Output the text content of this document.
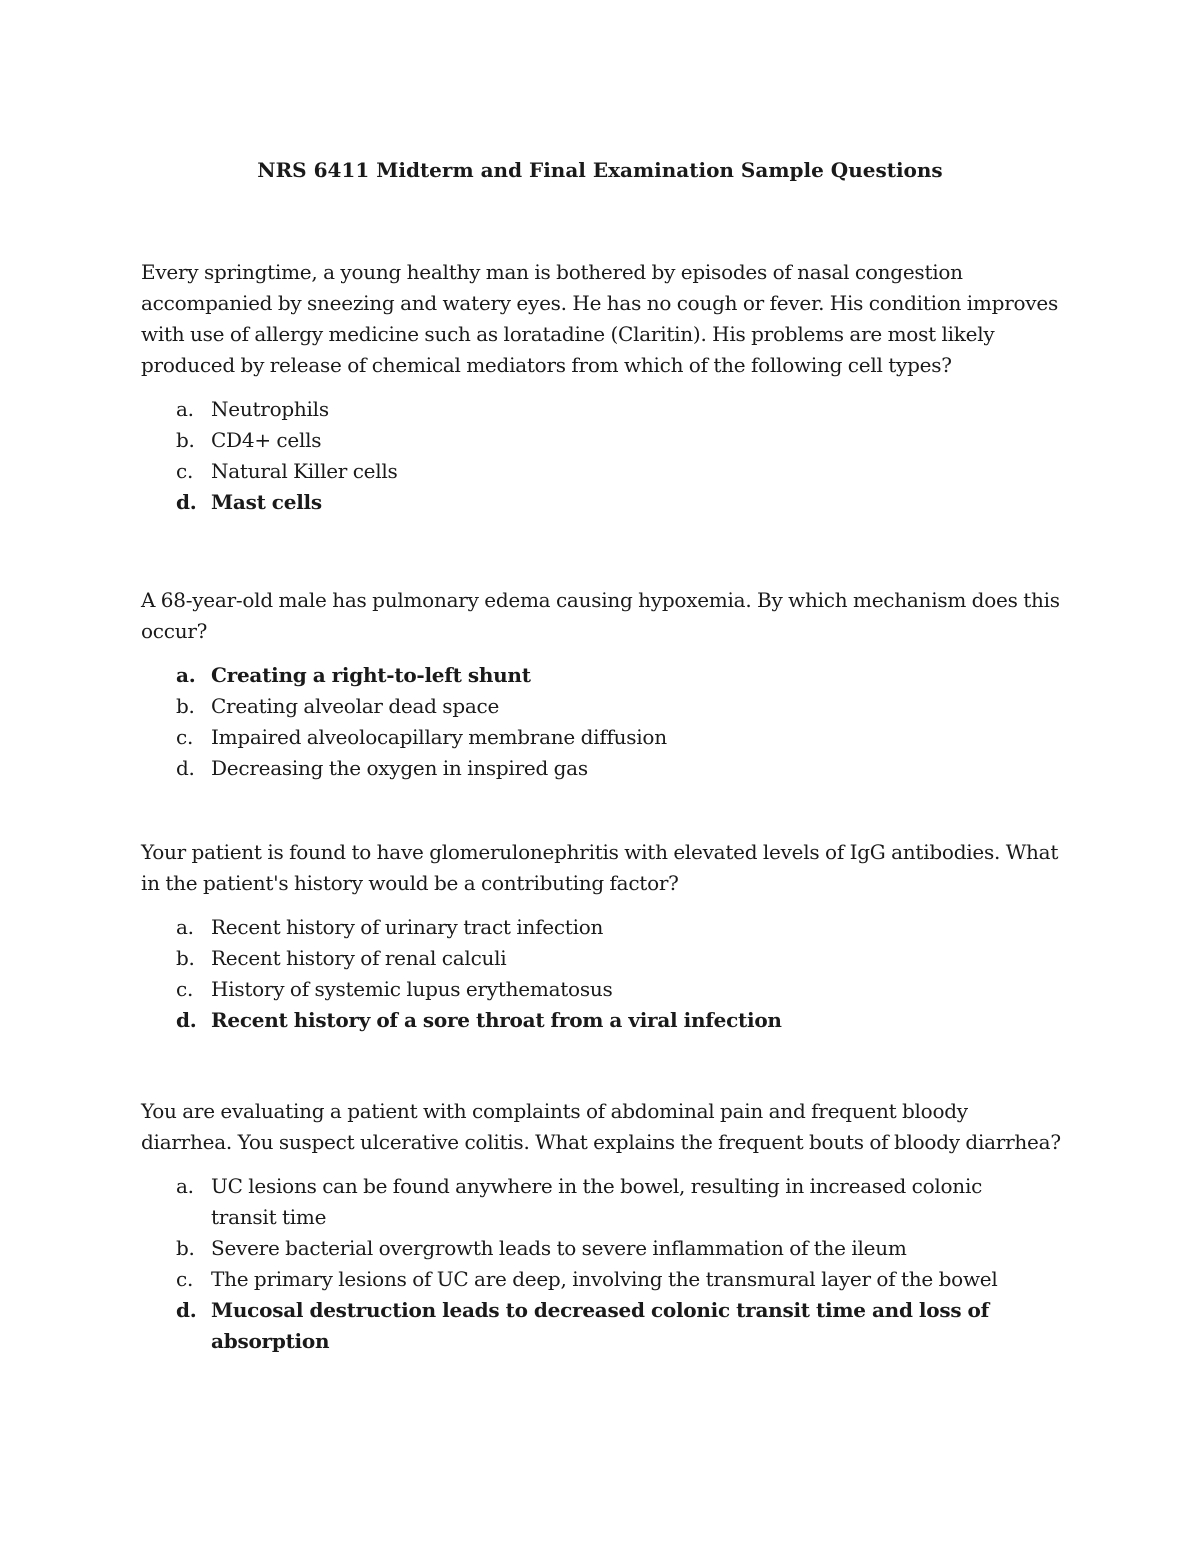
NRS 6411 Midterm and Final Examination Sample Questions

Every springtime, a young healthy man is bothered by episodes of nasal congestion accompanied by sneezing and watery eyes. He has no cough or fever. His condition improves with use of allergy medicine such as loratadine (Claritin). His problems are most likely produced by release of chemical mediators from which of the following cell types?

a. Neutrophils
b. CD4+ cells
c. Natural Killer cells
d. Mast cells

A 68-year-old male has pulmonary edema causing hypoxemia. By which mechanism does this occur?

a. Creating a right-to-left shunt
b. Creating alveolar dead space
c. Impaired alveolocapillary membrane diffusion
d. Decreasing the oxygen in inspired gas

Your patient is found to have glomerulonephritis with elevated levels of IgG antibodies. What in the patient's history would be a contributing factor?

a. Recent history of urinary tract infection
b. Recent history of renal calculi
c. History of systemic lupus erythematosus
d. Recent history of a sore throat from a viral infection

You are evaluating a patient with complaints of abdominal pain and frequent bloody diarrhea. You suspect ulcerative colitis. What explains the frequent bouts of bloody diarrhea?

a. UC lesions can be found anywhere in the bowel, resulting in increased colonic transit time
b. Severe bacterial overgrowth leads to severe inflammation of the ileum
c. The primary lesions of UC are deep, involving the transmural layer of the bowel
d. Mucosal destruction leads to decreased colonic transit time and loss of absorption
